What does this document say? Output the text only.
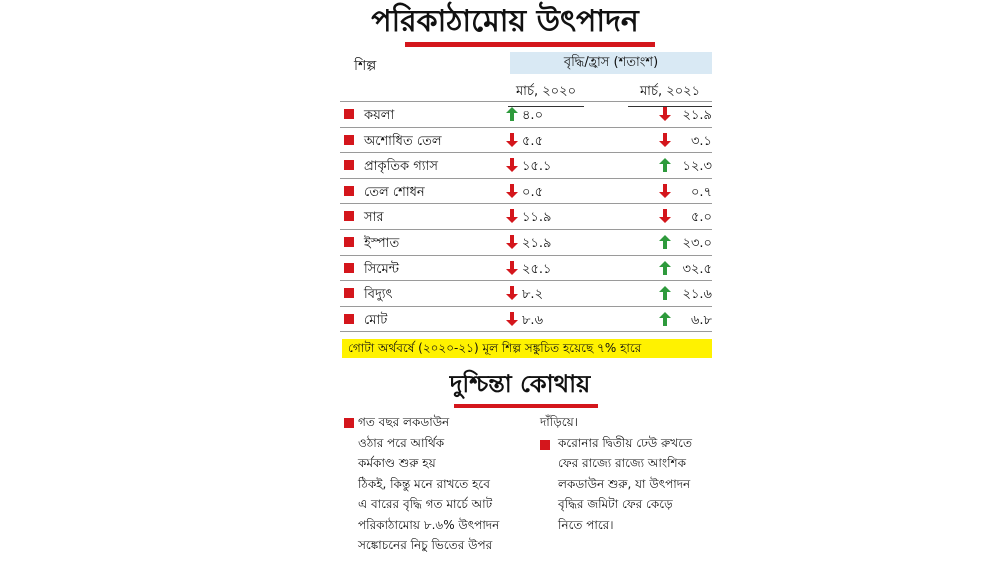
পরিকাঠামোয় উৎপাদন
শিল্প	বৃদ্ধি/হ্রাস (শতাংশ)
মার্চ, ২০২০	মার্চ, ২০২১
কয়লা	৪.০	২১.৯
অশোধিত তেল	৫.৫	৩.১
প্রাকৃতিক গ্যাস	১৫.১	১২.৩
তেল শোধন	০.৫	০.৭
সার	১১.৯	৫.০
ইস্পাত	২১.৯	২৩.০
সিমেন্ট	২৫.১	৩২.৫
বিদ্যুৎ	৮.২	২১.৬
মোট	৮.৬	৬.৮
গোটা অর্থবর্ষে (২০২০-২১) মূল শিল্প সঙ্কুচিত হয়েছে ৭% হারে
দুশ্চিন্তা কোথায়
গত বছর লকডাউন
ওঠার পরে আর্থিক
কর্মকাণ্ড শুরু হয়
ঠিকই, কিন্তু মনে রাখতে হবে
এ বারের বৃদ্ধি গত মার্চে আট
পরিকাঠামোয় ৮.৬% উৎপাদন
সঙ্কোচনের নিচু ভিতের উপর
দাঁড়িয়ে।
করোনার দ্বিতীয় ঢেউ রুখতে
ফের রাজ্যে রাজ্যে আংশিক
লকডাউন শুরু, যা উৎপাদন
বৃদ্ধির জমিটা ফের কেড়ে
নিতে পারে।
